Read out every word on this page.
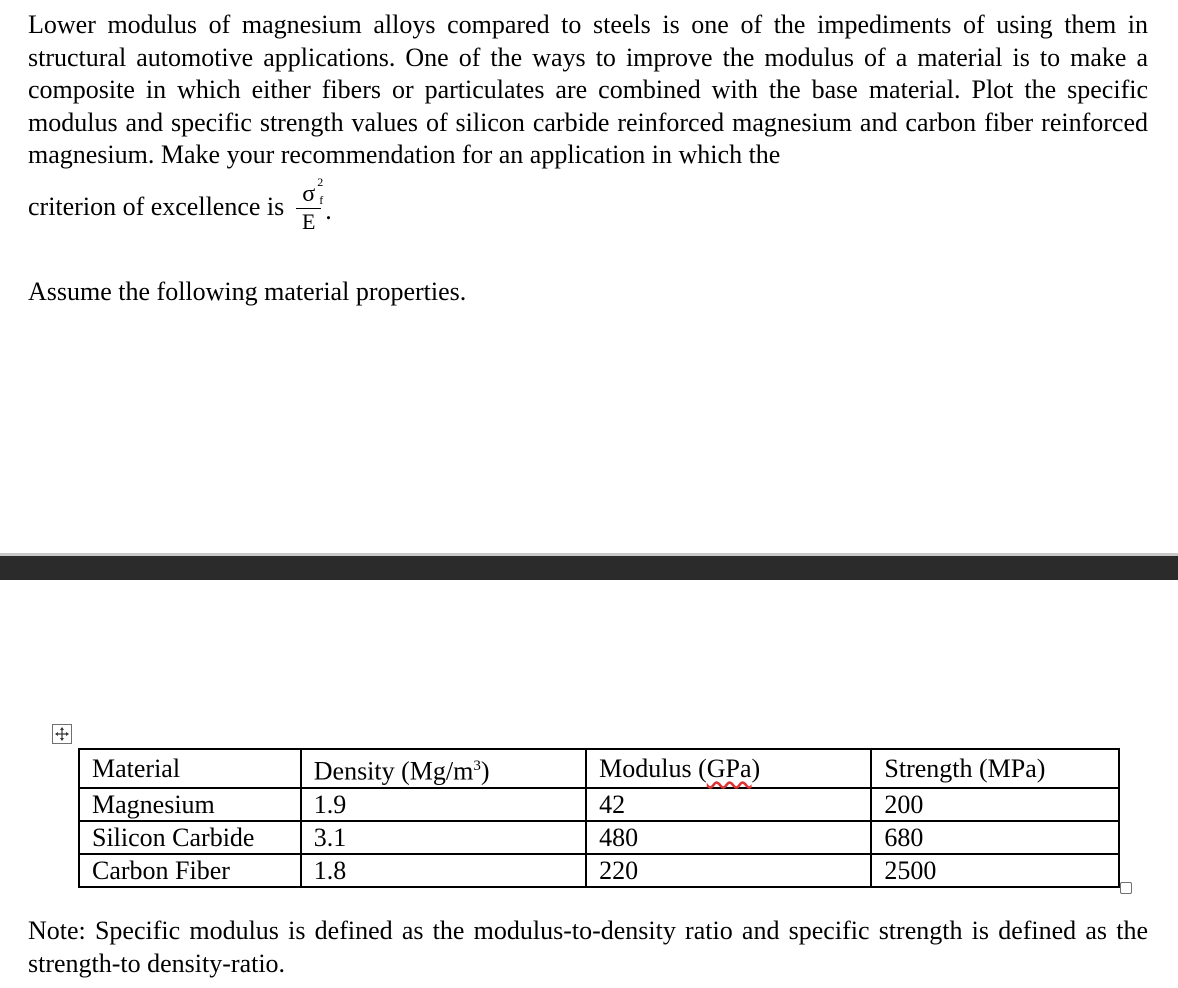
Lower modulus of magnesium alloys compared to steels is one of the impediments of using them in structural automotive applications. One of the ways to improve the modulus of a material is to make a composite in which either fibers or particulates are combined with the base material. Plot the specific modulus and specific strength values of silicon carbide reinforced magnesium and carbon fiber reinforced magnesium. Make your recommendation for an application in which the
criterion of excellence is σ 2
f
E .
Assume the following material properties.
Material	Density $(Mg/m^3)$	Modulus (GPa)	Strength (MPa)
Magnesium	1.9	42	200
Silicon Carbide	3.1	480	680
Carbon Fiber	1.8	220	2500
Note: Specific modulus is defined as the modulus-to-density ratio and specific strength is defined as the strength-to density-ratio.
